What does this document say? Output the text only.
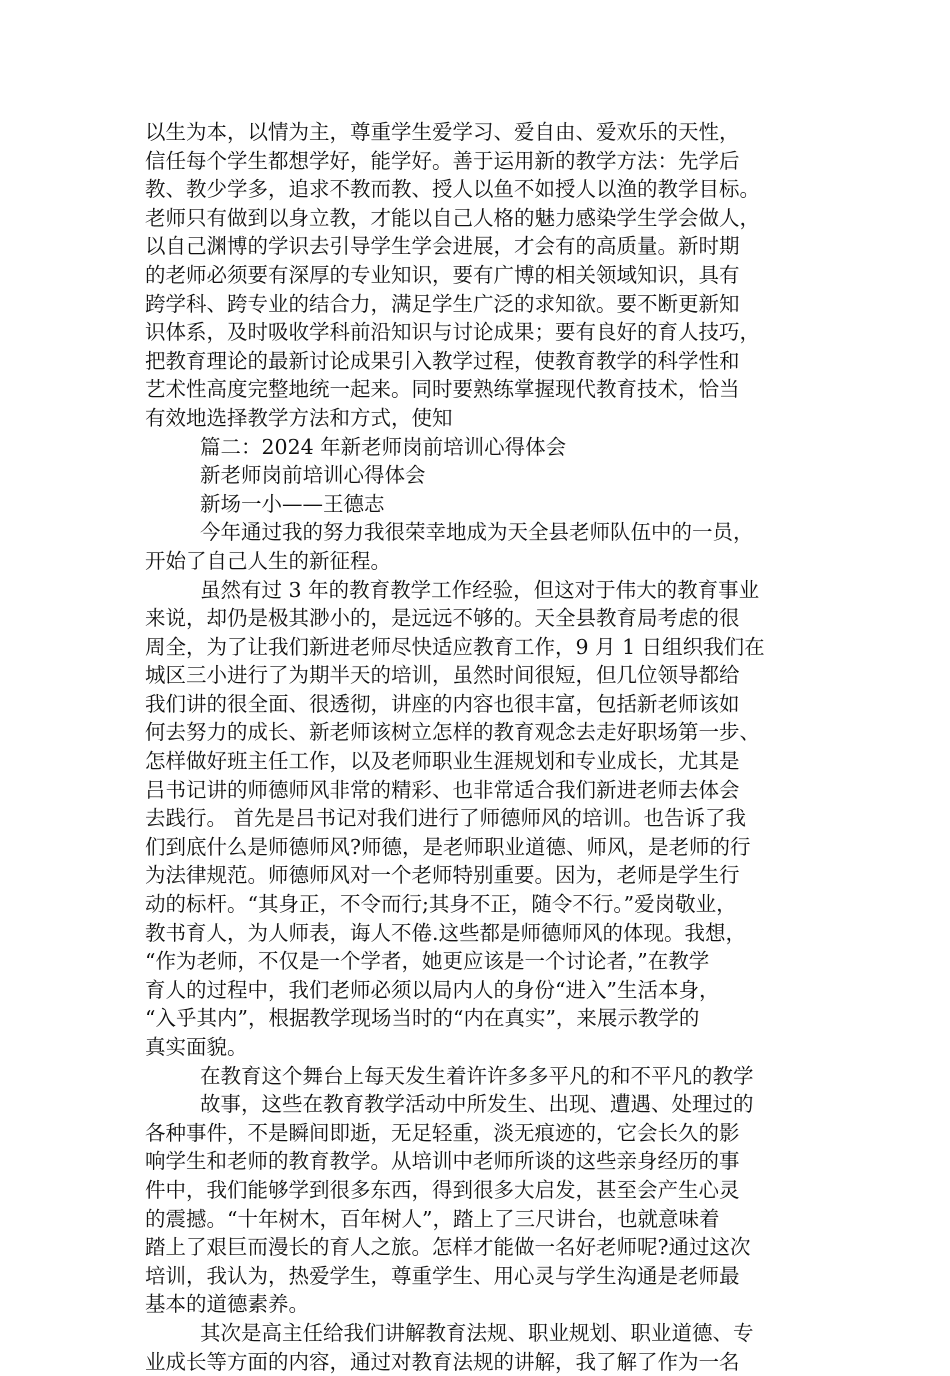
以生为本，以情为主，尊重学生爱学习、爱自由、爱欢乐的天性，
信任每个学生都想学好，能学好。善于运用新的教学方法：先学后
教、教少学多，追求不教而教、授人以鱼不如授人以渔的教学目标。
老师只有做到以身立教，才能以自己人格的魅力感染学生学会做人，
以自己渊博的学识去引导学生学会进展，才会有的高质量。新时期
的老师必须要有深厚的专业知识，要有广博的相关领域知识，具有
跨学科、跨专业的结合力，满足学生广泛的求知欲。要不断更新知
识体系，及时吸收学科前沿知识与讨论成果；要有良好的育人技巧，
把教育理论的最新讨论成果引入教学过程，使教育教学的科学性和
艺术性高度完整地统一起来。同时要熟练掌握现代教育技术，恰当
有效地选择教学方法和方式，使知
篇二：2024 年新老师岗前培训心得体会
新老师岗前培训心得体会
新场一小——王德志
今年通过我的努力我很荣幸地成为天全县老师队伍中的一员，
开始了自己人生的新征程。
虽然有过 3 年的教育教学工作经验，但这对于伟大的教育事业
来说，却仍是极其渺小的，是远远不够的。天全县教育局考虑的很
周全，为了让我们新进老师尽快适应教育工作，9 月 1 日组织我们在
城区三小进行了为期半天的培训，虽然时间很短，但几位领导都给
我们讲的很全面、很透彻，讲座的内容也很丰富，包括新老师该如
何去努力的成长、新老师该树立怎样的教育观念去走好职场第一步、
怎样做好班主任工作，以及老师职业生涯规划和专业成长，尤其是
吕书记讲的师德师风非常的精彩、也非常适合我们新进老师去体会
去践行。 首先是吕书记对我们进行了师德师风的培训。也告诉了我
们到底什么是师德师风?师德，是老师职业道德、师风，是老师的行
为法律规范。师德师风对一个老师特别重要。因为，老师是学生行
动的标杆。“其身正，不令而行;其身不正，随令不行。”爱岗敬业，
教书育人，为人师表，诲人不倦.这些都是师德师风的体现。我想，
“作为老师，不仅是一个学者，她更应该是一个讨论者，”在教学
育人的过程中，我们老师必须以局内人的身份“进入”生活本身，
“入乎其内”，根据教学现场当时的“内在真实”，来展示教学的
真实面貌。
在教育这个舞台上每天发生着许许多多平凡的和不平凡的教学
故事，这些在教育教学活动中所发生、出现、遭遇、处理过的
各种事件，不是瞬间即逝，无足轻重，淡无痕迹的，它会长久的影
响学生和老师的教育教学。从培训中老师所谈的这些亲身经历的事
件中，我们能够学到很多东西，得到很多大启发，甚至会产生心灵
的震撼。“十年树木，百年树人”，踏上了三尺讲台，也就意味着
踏上了艰巨而漫长的育人之旅。怎样才能做一名好老师呢?通过这次
培训，我认为，热爱学生，尊重学生、用心灵与学生沟通是老师最
基本的道德素养。
其次是高主任给我们讲解教育法规、职业规划、职业道德、专
业成长等方面的内容，通过对教育法规的讲解，我了解了作为一名
